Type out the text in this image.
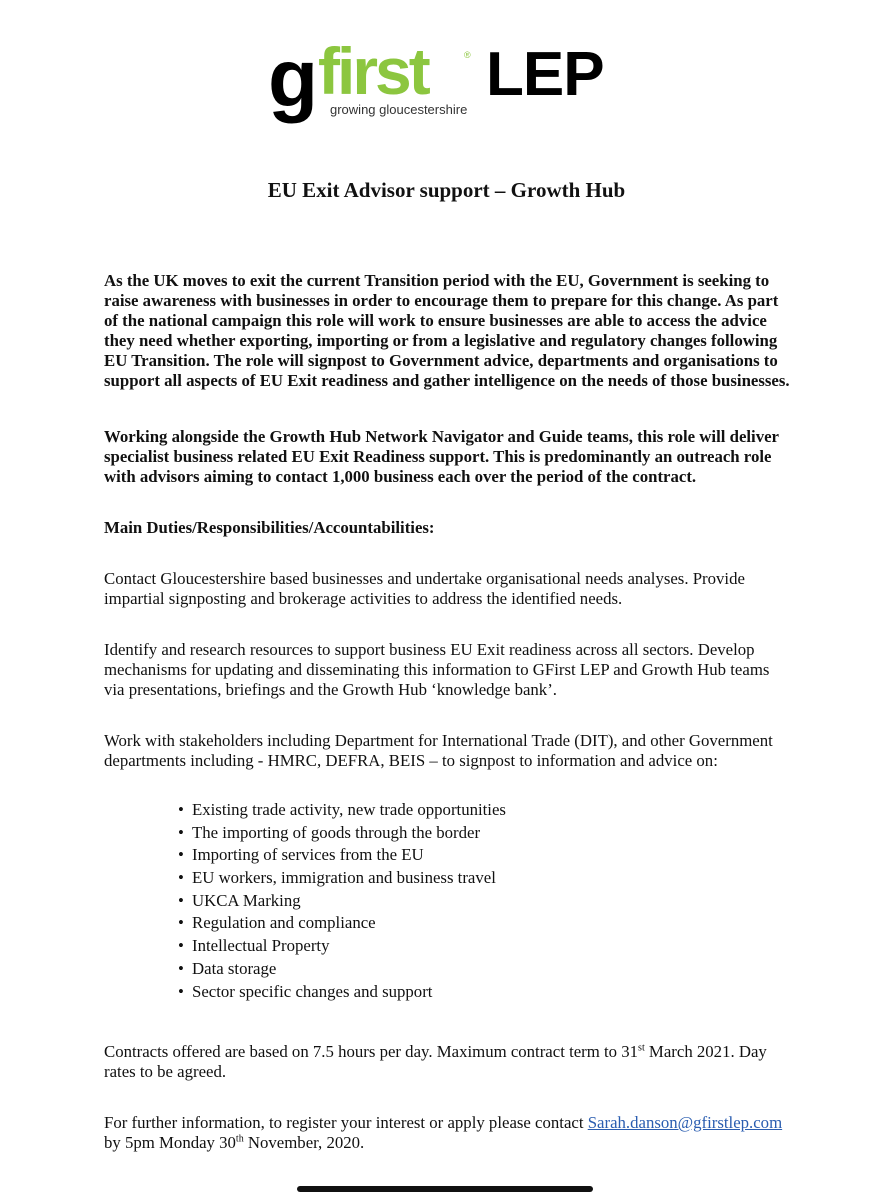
g first	® LEP
growing gloucestershire
EU Exit Advisor support – Growth Hub
As the UK moves to exit the current Transition period with the EU, Government is seeking to
raise awareness with businesses in order to encourage them to prepare for this change. As part
of the national campaign this role will work to ensure businesses are able to access the advice
they need whether exporting, importing or from a legislative and regulatory changes following
EU Transition. The role will signpost to Government advice, departments and organisations to
support all aspects of EU Exit readiness and gather intelligence on the needs of those businesses.
Working alongside the Growth Hub Network Navigator and Guide teams, this role will deliver
specialist business related EU Exit Readiness support. This is predominantly an outreach role
with advisors aiming to contact 1,000 business each over the period of the contract.
Main Duties/Responsibilities/Accountabilities:
Contact Gloucestershire based businesses and undertake organisational needs analyses. Provide
impartial signposting and brokerage activities to address the identified needs.
Identify and research resources to support business EU Exit readiness across all sectors. Develop
mechanisms for updating and disseminating this information to GFirst LEP and Growth Hub teams
via presentations, briefings and the Growth Hub ‘knowledge bank’.
Work with stakeholders including Department for International Trade (DIT), and other Government
departments including - HMRC, DEFRA, BEIS – to signpost to information and advice on:
• Existing trade activity, new trade opportunities
• The importing of goods through the border
• Importing of services from the EU
• EU workers, immigration and business travel
• UKCA Marking
• Regulation and compliance
• Intellectual Property
• Data storage
• Sector specific changes and support
Contracts offered are based on 7.5 hours per day. Maximum contract term to 31st March 2021. Day
rates to be agreed.
For further information, to register your interest or apply please contact Sarah.danson@gfirstlep.com
by 5pm Monday 30th November, 2020.
